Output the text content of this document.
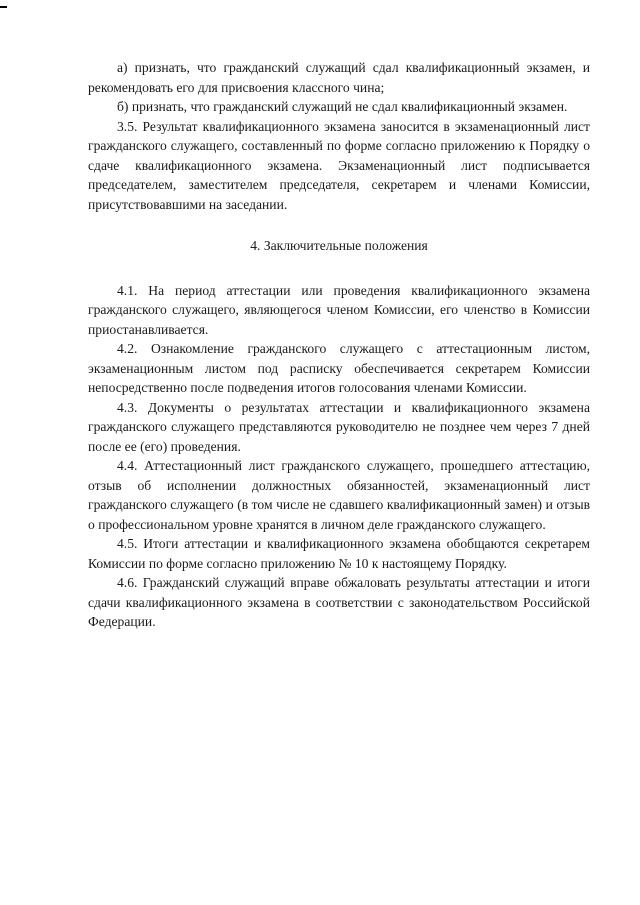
а) признать, что гражданский служащий сдал квалификационный экзамен, и рекомендовать его для присвоения классного чина;

б) признать, что гражданский служащий не сдал квалификационный экзамен.

3.5. Результат квалификационного экзамена заносится в экзаменационный лист гражданского служащего, составленный по форме согласно приложению к Порядку о сдаче квалификационного экзамена. Экзаменационный лист подписывается председателем, заместителем председателя, секретарем и членами Комиссии, присутствовавшими на заседании.

4. Заключительные положения

4.1. На период аттестации или проведения квалификационного экзамена гражданского служащего, являющегося членом Комиссии, его членство в Комиссии приостанавливается.

4.2. Ознакомление гражданского служащего с аттестационным листом, экзаменационным листом под расписку обеспечивается секретарем Комиссии непосредственно после подведения итогов голосования членами Комиссии.

4.3. Документы о результатах аттестации и квалификационного экзамена гражданского служащего представляются руководителю не позднее чем через 7 дней после ее (его) проведения.

4.4. Аттестационный лист гражданского служащего, прошедшего аттестацию, отзыв об исполнении должностных обязанностей, экзаменационный лист гражданского служащего (в том числе не сдавшего квалификационный замен) и отзыв о профессиональном уровне хранятся в личном деле гражданского служащего.

4.5. Итоги аттестации и квалификационного экзамена обобщаются секретарем Комиссии по форме согласно приложению № 10 к настоящему Порядку.

4.6. Гражданский служащий вправе обжаловать результаты аттестации и итоги сдачи квалификационного экзамена в соответствии с законодательством Российской Федерации.
